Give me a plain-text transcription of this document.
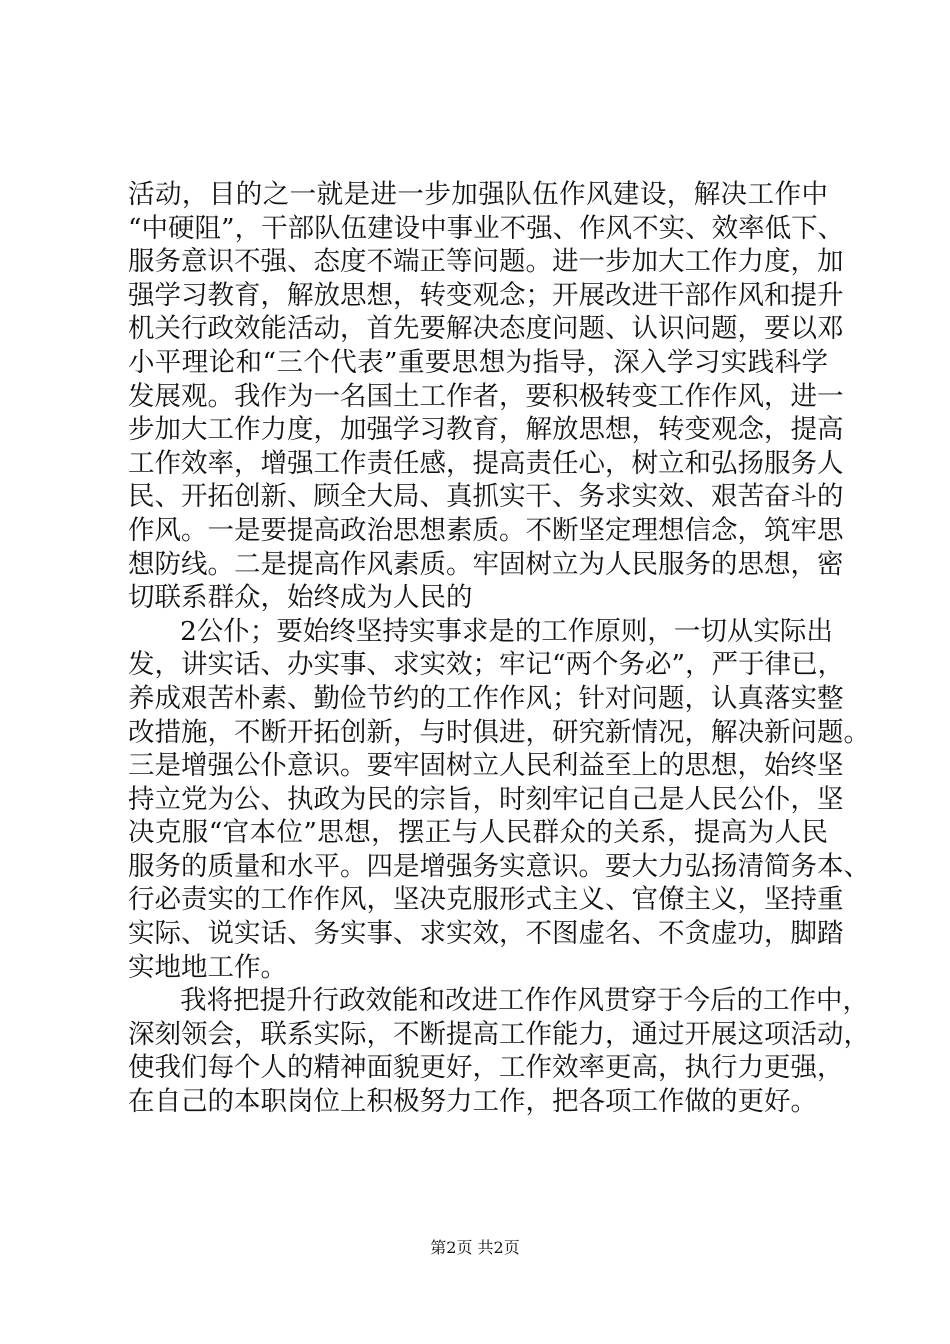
活动，目的之一就是进一步加强队伍作风建设，解决工作中

“中硬阻”，干部队伍建设中事业不强、作风不实、效率低下、

服务意识不强、态度不端正等问题。进一步加大工作力度，加

强学习教育，解放思想，转变观念；开展改进干部作风和提升

机关行政效能活动，首先要解决态度问题、认识问题，要以邓

小平理论和“三个代表”重要思想为指导，深入学习实践科学

发展观。我作为一名国土工作者，要积极转变工作作风，进一

步加大工作力度，加强学习教育，解放思想，转变观念，提高

工作效率，增强工作责任感，提高责任心，树立和弘扬服务人

民、开拓创新、顾全大局、真抓实干、务求实效、艰苦奋斗的

作风。一是要提高政治思想素质。不断坚定理想信念，筑牢思

想防线。二是提高作风素质。牢固树立为人民服务的思想，密

切联系群众，始终成为人民的

2公仆；要始终坚持实事求是的工作原则，一切从实际出

发，讲实话、办实事、求实效；牢记“两个务必”，严于律已，

养成艰苦朴素、勤俭节约的工作作风；针对问题，认真落实整

改措施，不断开拓创新，与时俱进，研究新情况，解决新问题。

三是增强公仆意识。要牢固树立人民利益至上的思想，始终坚

持立党为公、执政为民的宗旨，时刻牢记自己是人民公仆，坚

决克服“官本位”思想，摆正与人民群众的关系，提高为人民

服务的质量和水平。四是增强务实意识。要大力弘扬清简务本、

行必责实的工作作风，坚决克服形式主义、官僚主义，坚持重

实际、说实话、务实事、求实效，不图虚名、不贪虚功，脚踏

实地地工作。

我将把提升行政效能和改进工作作风贯穿于今后的工作中，

深刻领会，联系实际，不断提高工作能力，通过开展这项活动，

使我们每个人的精神面貌更好，工作效率更高，执行力更强，

在自己的本职岗位上积极努力工作，把各项工作做的更好。

第2页 共2页
